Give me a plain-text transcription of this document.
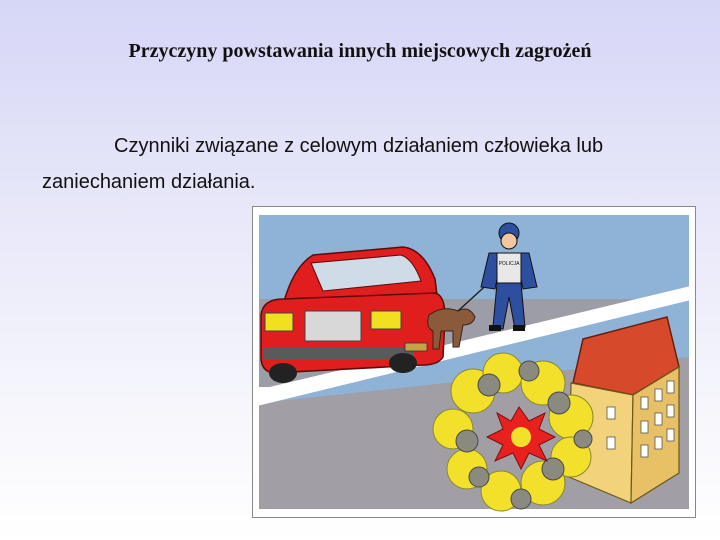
Przyczyny powstawania innych miejscowych zagrożeń
Czynniki związane z celowym działaniem człowieka lub zaniechaniem działania.
POLICJA
